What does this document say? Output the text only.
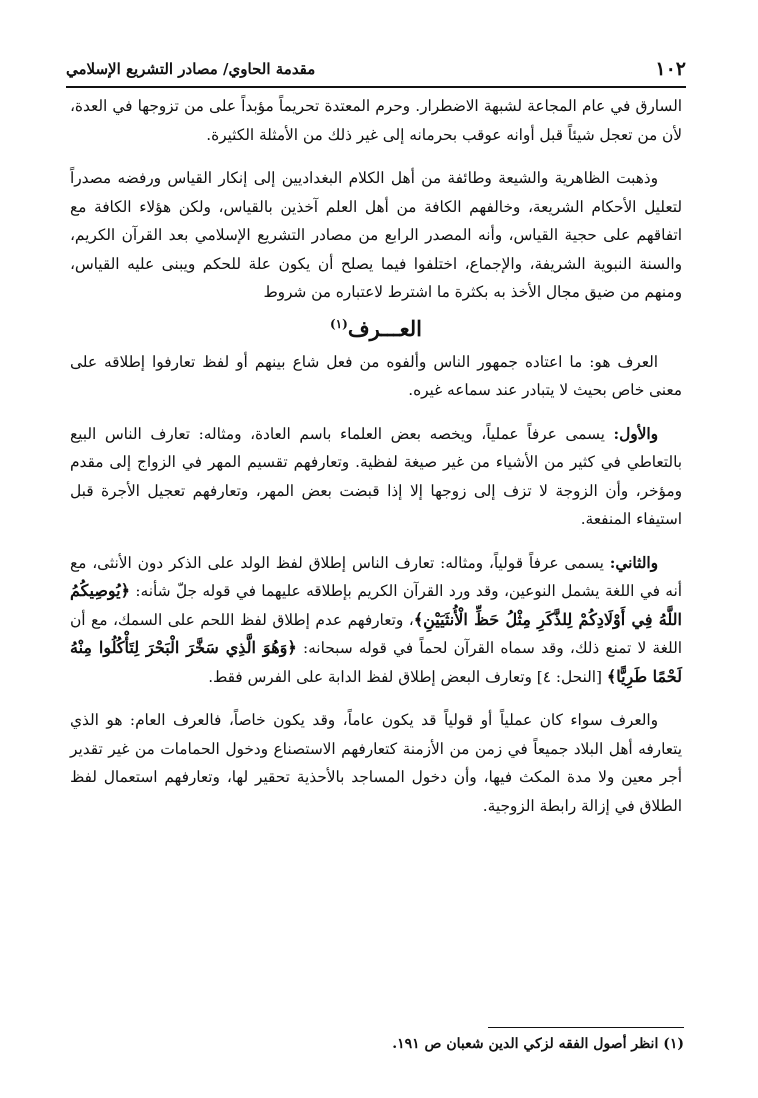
١٠٢
مقدمة الحاوي/ مصادر التشريع الإسلامي

السارق في عام المجاعة لشبهة الاضطرار. وحرم المعتدة تحريماً مؤبداً على من تزوجها في العدة، لأن من تعجل شيئاً قبل أوانه عوقب بحرمانه إلى غير ذلك من الأمثلة الكثيرة.

وذهبت الظاهرية والشيعة وطائفة من أهل الكلام البغداديين إلى إنكار القياس ورفضه مصدراً لتعليل الأحكام الشريعة، وخالفهم الكافة من أهل العلم آخذين بالقياس، ولكن هؤلاء الكافة مع اتفاقهم على حجية القياس، وأنه المصدر الرابع من مصادر التشريع الإسلامي بعد القرآن الكريم، والسنة النبوية الشريفة، والإجماع، اختلفوا فيما يصلح أن يكون علة للحكم ويبنى عليه القياس، ومنهم من ضيق مجال الأخذ به بكثرة ما اشترط لاعتباره من شروط

العـــرف$^{(١)}$

العرف هو: ما اعتاده جمهور الناس وألفوه من فعل شاع بينهم أو لفظ تعارفوا إطلاقه على معنى خاص بحيث لا يتبادر عند سماعه غيره.

والأول: يسمى عرفاً عملياً، ويخصه بعض العلماء باسم العادة، ومثاله: تعارف الناس البيع بالتعاطي في كثير من الأشياء من غير صيغة لفظية. وتعارفهم تقسيم المهر في الزواج إلى مقدم ومؤخر، وأن الزوجة لا تزف إلى زوجها إلا إذا قبضت بعض المهر، وتعارفهم تعجيل الأجرة قبل استيفاء المنفعة.

والثاني: يسمى عرفاً قولياً، ومثاله: تعارف الناس إطلاق لفظ الولد على الذكر دون الأنثى، مع أنه في اللغة يشمل النوعين، وقد ورد القرآن الكريم بإطلاقه عليهما في قوله جلّ شأنه: ﴿يُوصِيكُمُ اللَّهُ فِي أَوْلَادِكُمْ لِلذَّكَرِ مِثْلُ حَظِّ الْأُنثَيَيْنِ﴾، وتعارفهم عدم إطلاق لفظ اللحم على السمك، مع أن اللغة لا تمنع ذلك، وقد سماه القرآن لحماً في قوله سبحانه: ﴿وَهُوَ الَّذِي سَخَّرَ الْبَحْرَ لِتَأْكُلُوا مِنْهُ لَحْمًا طَرِيًّا﴾ [النحل: ٤] وتعارف البعض إطلاق لفظ الدابة على الفرس فقط.

والعرف سواء كان عملياً أو قولياً قد يكون عاماً، وقد يكون خاصاً، فالعرف العام: هو الذي يتعارفه أهل البلاد جميعاً في زمن من الأزمنة كتعارفهم الاستصناع ودخول الحمامات من غير تقدير أجر معين ولا مدة المكث فيها، وأن دخول المساجد بالأحذية تحقير لها، وتعارفهم استعمال لفظ الطلاق في إزالة رابطة الزوجية.

(١) انظر أصول الفقه لزكي الدين شعبان ص ١٩١.
